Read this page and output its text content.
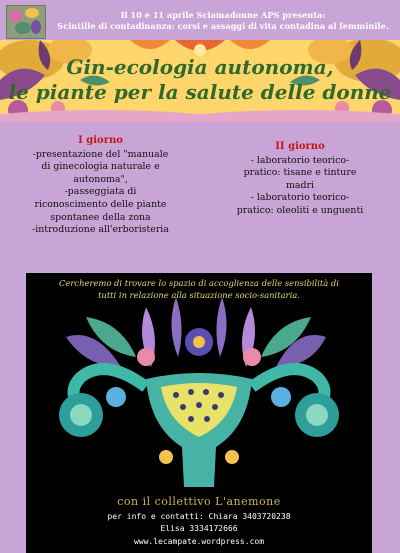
Il 10 e 11 aprile Sciamadonne APS presenta:
Scintille di contadinanza: corsi e assaggi di vita contadina al femminile.
Gin-ecologia autonoma,
le piante per la salute delle donne
I giorno
-presentazione del "manuale
di ginecologia naturale e
autonoma",
-passeggiata di
riconoscimento delle piante
spontanee della zona
-introduzione all'erboristeria
II giorno
- laboratorio teorico-
pratico: tisane e tinture
madri
- laboratorio teorico-
pratico: oleoliti e unguenti
Cercheremo di trovare lo spazio di accoglienza delle sensibilità di
tutti in relazione alla situazione socio-sanitaria.
con il collettivo L'anemone
per info e contatti: Chiara 3403720238
Elisa 3334172666
www.lecampate.wordpress.com
